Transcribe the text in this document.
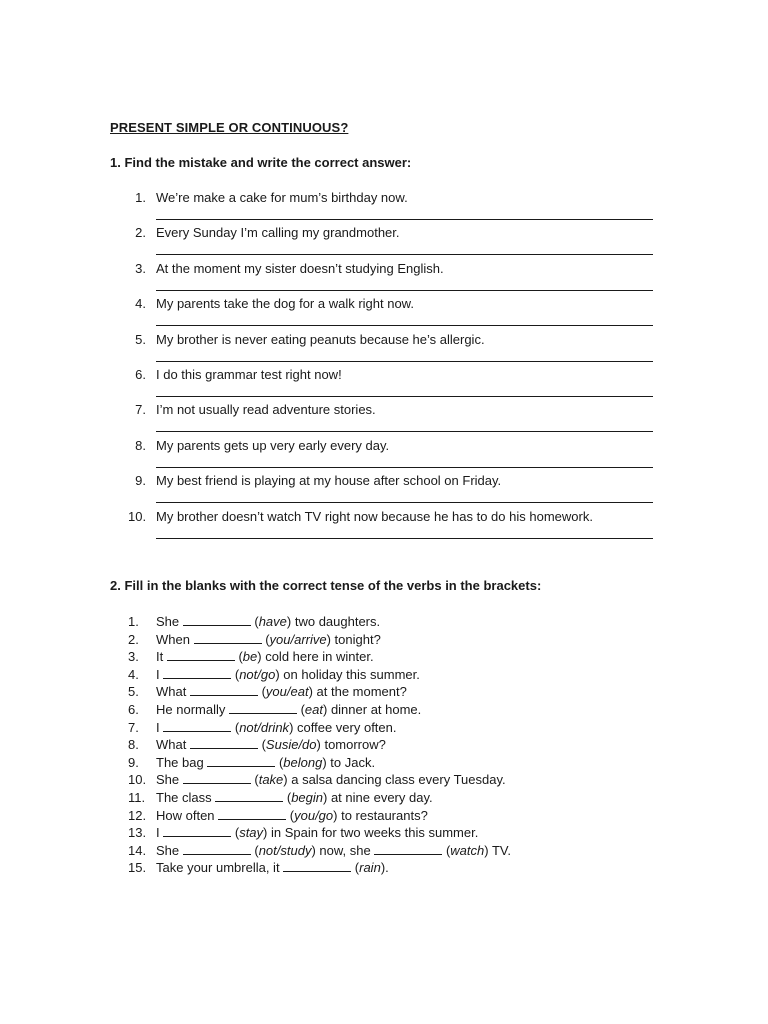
PRESENT SIMPLE OR CONTINUOUS?
1. Find the mistake and write the correct answer:
1. We’re make a cake for mum’s birthday now.
2. Every Sunday I’m calling my grandmother.
3. At the moment my sister doesn’t studying English.
4. My parents take the dog for a walk right now.
5. My brother is never eating peanuts because he’s allergic.
6. I do this grammar test right now!
7. I’m not usually read adventure stories.
8. My parents gets up very early every day.
9. My best friend is playing at my house after school on Friday.
10. My brother doesn’t watch TV right now because he has to do his homework.
2. Fill in the blanks with the correct tense of the verbs in the brackets:
1.	She	(have) two daughters.
2.	When	(you/arrive) tonight?
3.	It	(be) cold here in winter.
4.	I	(not/go) on holiday this summer.
5.	What	(you/eat) at the moment?
6.	He normally	(eat) dinner at home.
7.	I	(not/drink) coffee very often.
8.	What	(Susie/do) tomorrow?
9.	The bag	(belong) to Jack.
10. She	(take) a salsa dancing class every Tuesday.
11. The class	(begin) at nine every day.
12. How often	(you/go) to restaurants?
13. I	(stay) in Spain for two weeks this summer.
14. She	(not/study) now, she	(watch) TV.
15. Take your umbrella, it	(rain).
